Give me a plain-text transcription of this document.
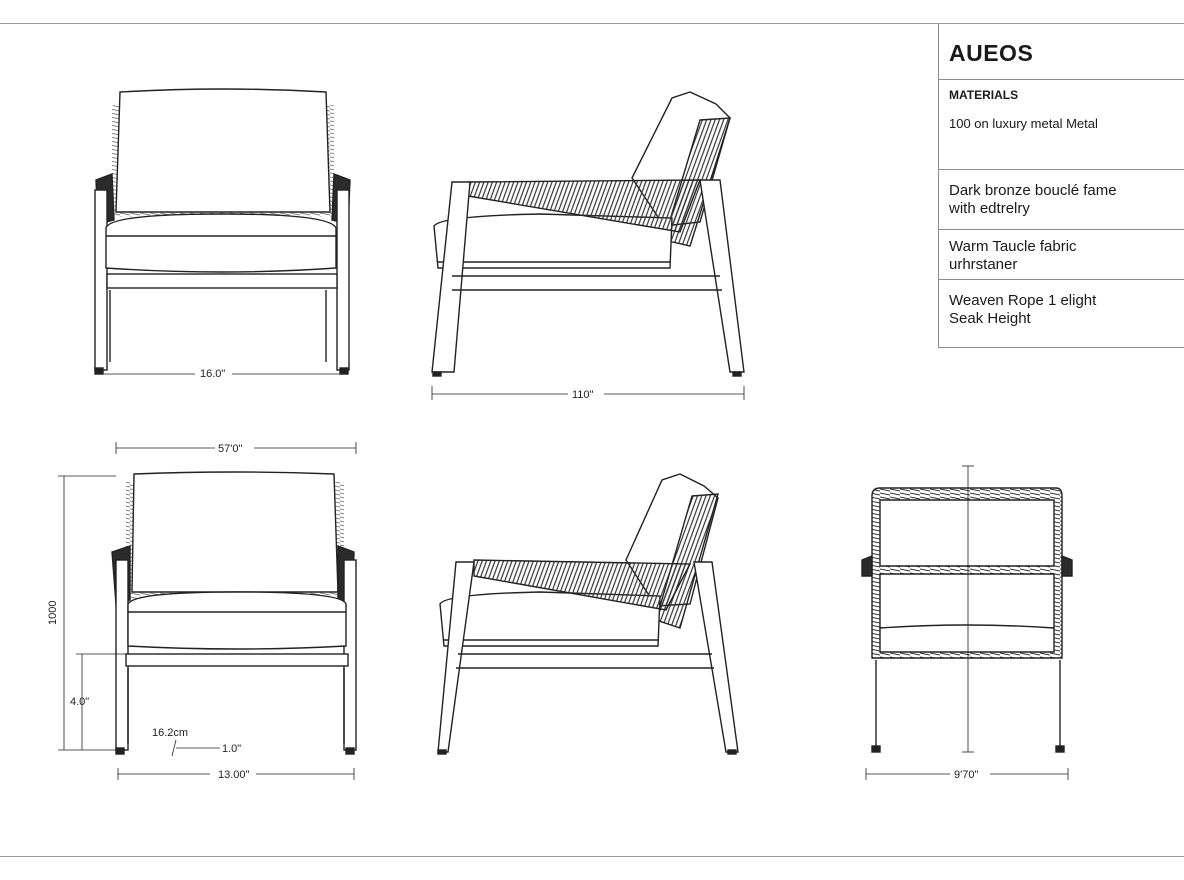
16.0"
110"
57'0"
1000
4.0"
16.2cm
1.0"
13.00"	9'70"
AUEOS
MATERIALS
100 on luxury metal Metal
Dark bronze bouclé fame
with edtrelry
Warm Taucle fabric
urhrstaner
Weaven Rope 1 elight
Seak Height
